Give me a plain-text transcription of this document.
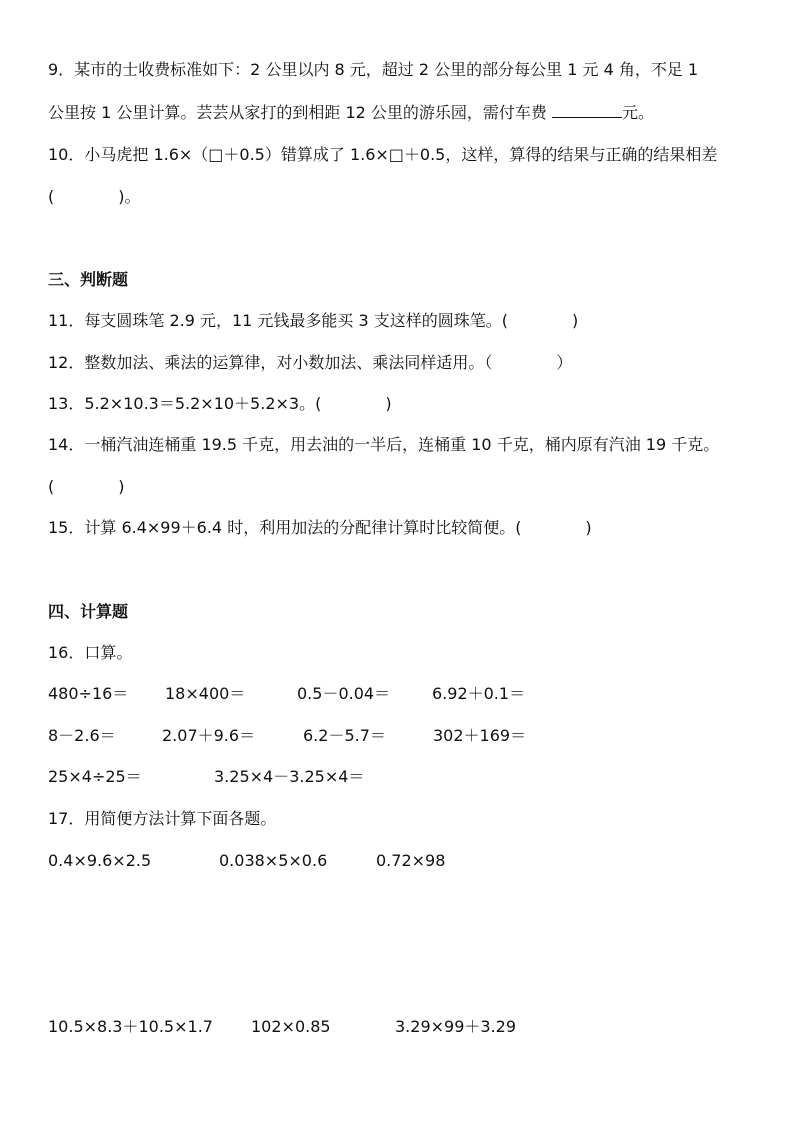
9．某市的士收费标准如下：2 公里以内 8 元，超过 2 公里的部分每公里 1 元 4 角，不足 1
公里按 1 公里计算。芸芸从家打的到相距 12 公里的游乐园，需付车费	元。
10．小马虎把 1.6×（□＋0.5）错算成了 1.6×□＋0.5，这样，算得的结果与正确的结果相差
(　　　　)。
三、判断题
11．每支圆珠笔 2.9 元，11 元钱最多能买 3 支这样的圆珠笔。(　　　　)
12．整数加法、乘法的运算律，对小数加法、乘法同样适用。（　　　　）
13．5.2×10.3＝5.2×10＋5.2×3。(　　　　)
14．一桶汽油连桶重 19.5 千克，用去油的一半后，连桶重 10 千克，桶内原有汽油 19 千克。
(　　　　)
15．计算 6.4×99＋6.4 时，利用加法的分配律计算时比较简便。(　　　　)
四、计算题
16．口算。
480÷16＝ 18×400＝	0.5－0.04＝	6.92＋0.1＝
8－2.6＝	2.07＋9.6＝	6.2－5.7＝	302＋169＝
25×4÷25＝	3.25×4－3.25×4＝
17．用简便方法计算下面各题。
0.4×9.6×2.5	0.038×5×0.6	0.72×98
10.5×8.3＋10.5×1.7 102×0.85	3.29×99＋3.29
